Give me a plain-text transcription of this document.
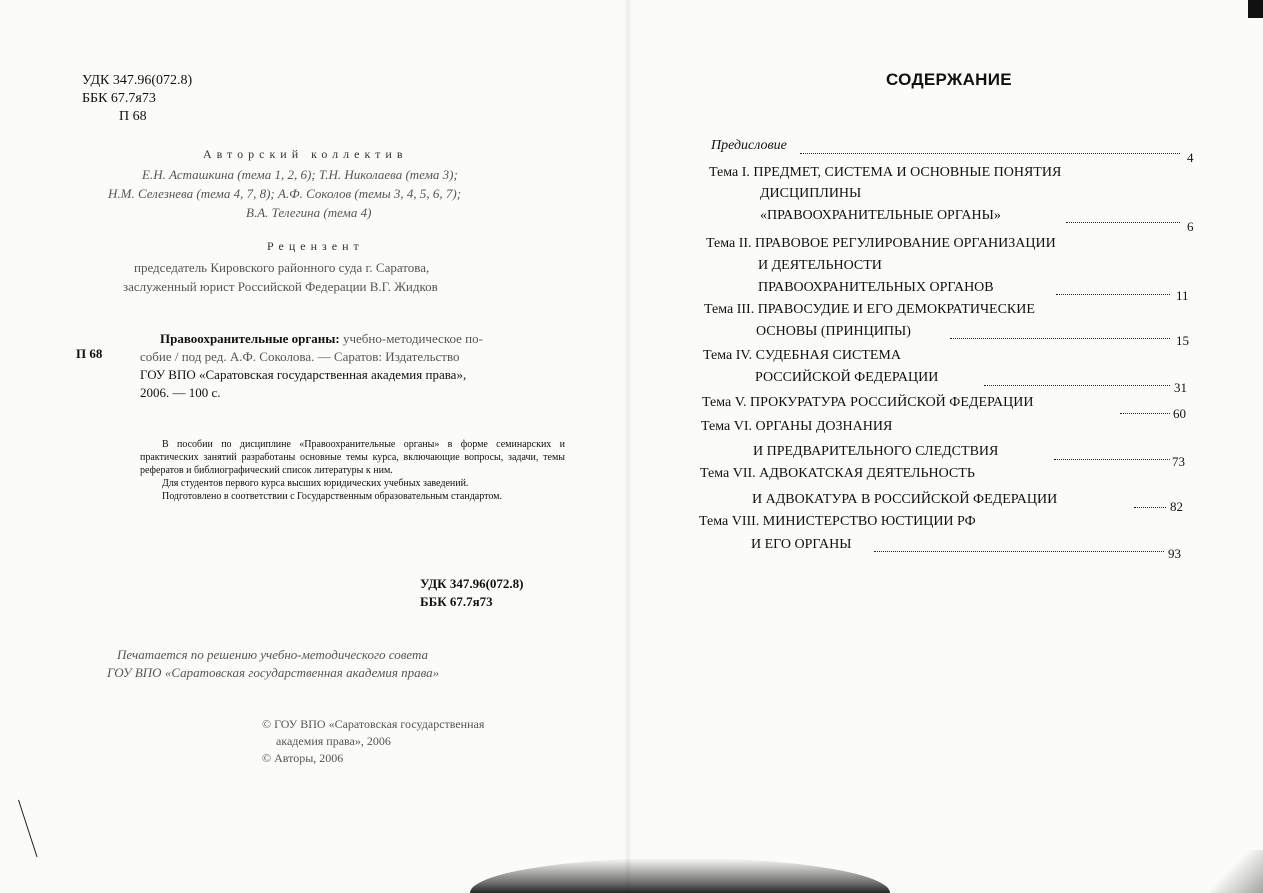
УДК 347.96(072.8)
ББК 67.7я73
П 68
Авторский коллектив
Е.Н. Асташкина (тема 1, 2, 6); Т.Н. Николаева (тема 3);
Н.М. Селезнева (тема 4, 7, 8); А.Ф. Соколов (темы 3, 4, 5, 6, 7);
В.А. Телегина (тема 4)
Рецензент
председатель Кировского районного суда г. Саратова,
заслуженный юрист Российской Федерации В.Г. Жидков
П 68
Правоохранительные органы: учебно-методическое по-
собие / под ред. А.Ф. Соколова. — Саратов: Издательство
ГОУ ВПО «Саратовская государственная академия права»,
2006. — 100 с.

В пособии по дисциплине «Правоохранительные органы» в форме семинарских и практических занятий разработаны основные темы курса, включающие вопросы, задачи, темы рефератов и библиографический список литературы к ним.

Для студентов первого курса высших юридических учебных заведений.

Подготовлено в соответствии с Государственным образовательным стандартом.

УДК 347.96(072.8)
ББК 67.7я73
Печатается по решению учебно-методического совета
ГОУ ВПО «Саратовская государственная академия права»
© ГОУ ВПО «Саратовская государственная
академия права», 2006
© Авторы, 2006
СОДЕРЖАНИЕ
Предисловие
4
Тема I. ПРЕДМЕТ, СИСТЕМА И ОСНОВНЫЕ ПОНЯТИЯ
ДИСЦИПЛИНЫ
«ПРАВООХРАНИТЕЛЬНЫЕ ОРГАНЫ»
6
Тема II. ПРАВОВОЕ РЕГУЛИРОВАНИЕ ОРГАНИЗАЦИИ
И ДЕЯТЕЛЬНОСТИ
ПРАВООХРАНИТЕЛЬНЫХ ОРГАНОВ
11
Тема III. ПРАВОСУДИЕ И ЕГО ДЕМОКРАТИЧЕСКИЕ
ОСНОВЫ (ПРИНЦИПЫ)
15
Тема IV. СУДЕБНАЯ СИСТЕМА
РОССИЙСКОЙ ФЕДЕРАЦИИ
31
Тема V. ПРОКУРАТУРА РОССИЙСКОЙ ФЕДЕРАЦИИ
60
Тема VI. ОРГАНЫ ДОЗНАНИЯ
И ПРЕДВАРИТЕЛЬНОГО СЛЕДСТВИЯ
73
Тема VII. АДВОКАТСКАЯ ДЕЯТЕЛЬНОСТЬ
И АДВОКАТУРА В РОССИЙСКОЙ ФЕДЕРАЦИИ	82
Тема VIII. МИНИСТЕРСТВО ЮСТИЦИИ РФ
И ЕГО ОРГАНЫ
93
